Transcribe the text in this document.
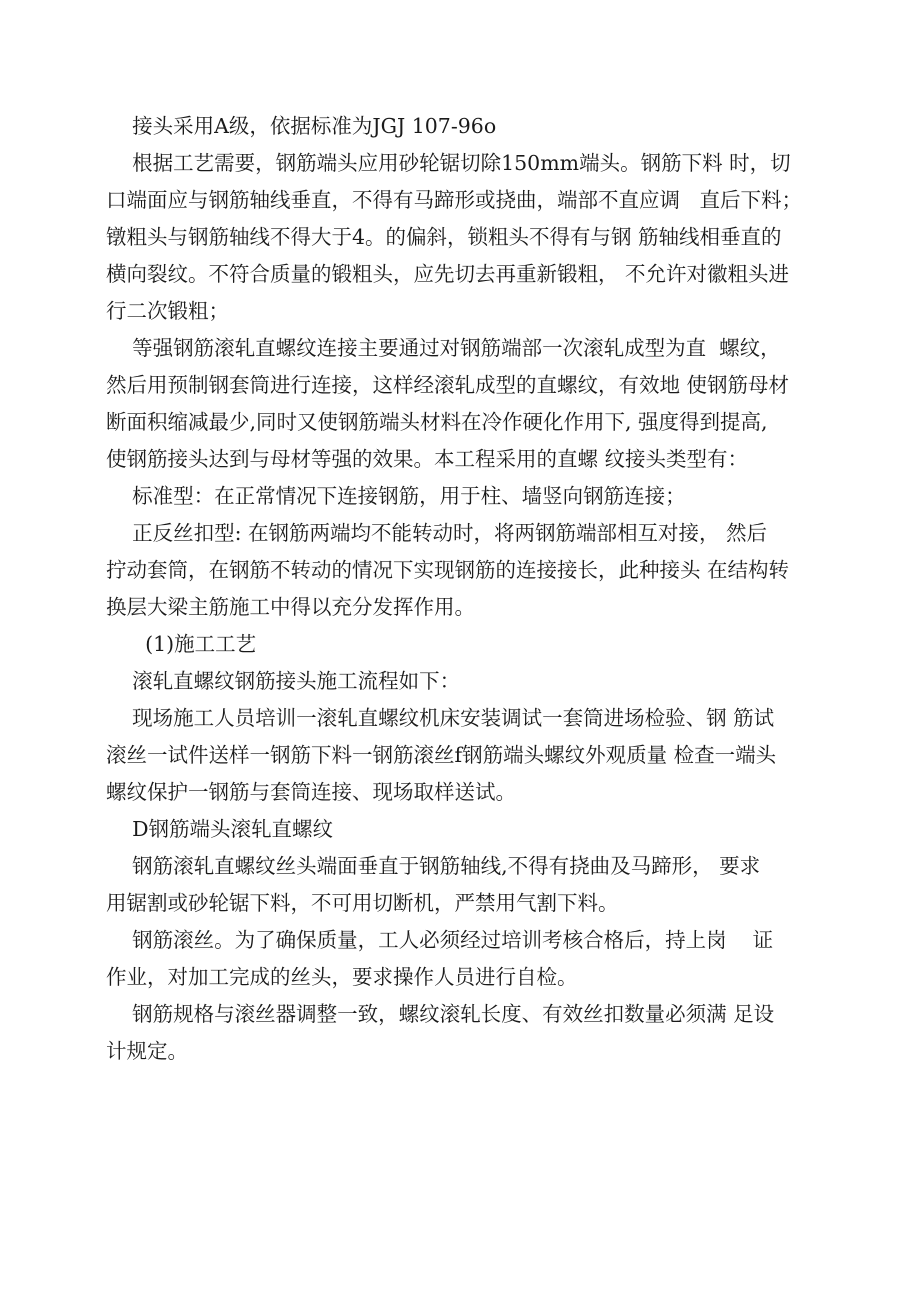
接头采用A级，依据标准为JGJ 107-96o
根据工艺需要，钢筋端头应用砂轮锯切除150mm端头。钢筋下料 时，切
口端面应与钢筋轴线垂直，不得有马蹄形或挠曲，端部不直应调   直后下料；
镦粗头与钢筋轴线不得大于4。的偏斜，锁粗头不得有与钢 筋轴线相垂直的
横向裂纹。不符合质量的锻粗头，应先切去再重新锻粗， 不允许对徽粗头进
行二次锻粗；
等强钢筋滚轧直螺纹连接主要通过对钢筋端部一次滚轧成型为直  螺纹，
然后用预制钢套筒进行连接，这样经滚轧成型的直螺纹，有效地 使钢筋母材
断面积缩减最少,同时又使钢筋端头材料在冷作硬化作用下, 强度得到提高,
使钢筋接头达到与母材等强的效果。本工程采用的直螺 纹接头类型有：
标准型：在正常情况下连接钢筋，用于柱、墙竖向钢筋连接；
正反丝扣型: 在钢筋两端均不能转动时，将两钢筋端部相互对接， 然后
拧动套筒，在钢筋不转动的情况下实现钢筋的连接接长，此种接头 在结构转
换层大梁主筋施工中得以充分发挥作用。
(1)施工工艺
滚轧直螺纹钢筋接头施工流程如下：
现场施工人员培训一滚轧直螺纹机床安装调试一套筒进场检验、钢 筋试
滚丝一试件送样一钢筋下料一钢筋滚丝f钢筋端头螺纹外观质量 检查一端头
螺纹保护一钢筋与套筒连接、现场取样送试。
D钢筋端头滚轧直螺纹
钢筋滚轧直螺纹丝头端面垂直于钢筋轴线,不得有挠曲及马蹄形， 要求
用锯割或砂轮锯下料，不可用切断机，严禁用气割下料。
钢筋滚丝。为了确保质量，工人必须经过培训考核合格后，持上岗    证
作业，对加工完成的丝头，要求操作人员进行自检。
钢筋规格与滚丝器调整一致，螺纹滚轧长度、有效丝扣数量必须满 足设
计规定。
